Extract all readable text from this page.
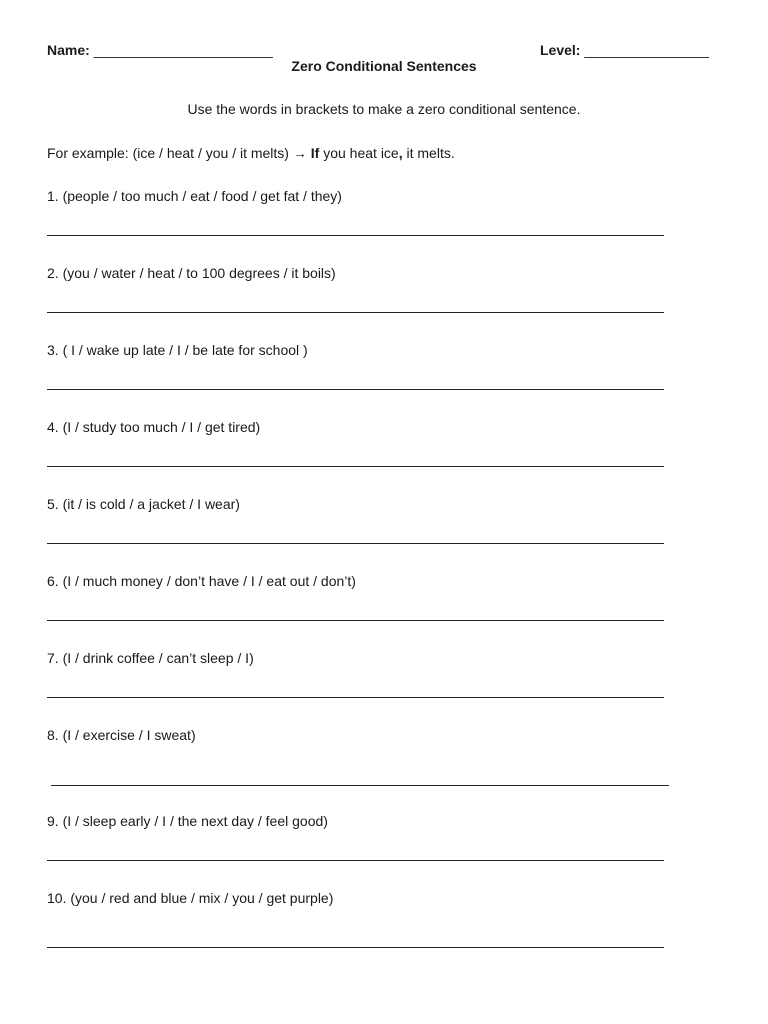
Name: _______________________	Level: ________________
Zero Conditional Sentences
Use the words in brackets to make a zero conditional sentence.
For example: (ice / heat / you / it melts) → If you heat ice, it melts.
1. (people / too much / eat / food / get fat / they)
2. (you / water / heat / to 100 degrees / it boils)
3. ( I / wake up late / I / be late for school )
4. (I / study too much / I / get tired)
5. (it / is cold / a jacket / I wear)
6. (I / much money / don’t have / I / eat out / don’t)
7. (I / drink coffee / can’t sleep / I)
8. (I / exercise / I sweat)
9. (I / sleep early / I / the next day / feel good)
10. (you / red and blue / mix / you / get purple)
